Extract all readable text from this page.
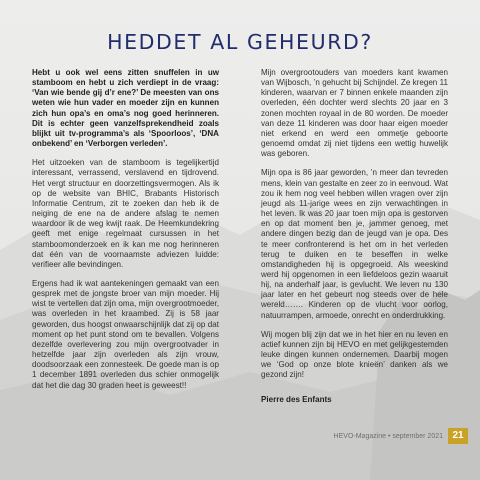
HEDDET AL GEHEURD?

Hebt u ook wel eens zitten snuffelen in uw stamboom en hebt u zich verdiept in de vraag: ‘Van wie bende gij d’r ene?’ De meesten van ons weten wie hun vader en moeder zijn en kunnen zich hun opa’s en oma’s nog goed herinneren. Dit is echter geen vanzelfsprekendheid zoals blijkt uit tv-programma’s als ‘Spoorloos’, ‘DNA onbekend’ en ‘Verborgen verleden’.

Het uitzoeken van de stamboom is tegelijkertijd interessant, verrassend, verslavend en tijdrovend. Het vergt structuur en doorzettingsvermogen. Als ik op de website van BHIC, Brabants Historisch Informatie Centrum, zit te zoeken dan heb ik de neiging de ene na de andere afslag te nemen waardoor ik de weg kwijt raak. De Heemkundekring geeft met enige regelmaat cursussen in het stamboomonderzoek en ik kan me nog herinneren dat één van de voornaamste adviezen luidde: verifieer alle bevindingen.

Ergens had ik wat aantekeningen gemaakt van een gesprek met de jongste broer van mijn moeder. Hij wist te vertellen dat zijn oma, mijn overgrootmoeder, was overleden in het kraambed. Zij is 58 jaar geworden, dus hoogst onwaarschijnlijk dat zij op dat moment op het punt stond om te bevallen. Volgens dezelfde overlevering zou mijn overgrootvader in hetzelfde jaar zijn overleden als zijn vrouw, doodsoorzaak een zonnesteek. De goede man is op 1 december 1891 overleden dus schier onmogelijk dat het die dag 30 graden heet is geweest!!

Mijn overgrootouders van moeders kant kwamen van Wijbosch, ’n gehucht bij Schijndel. Ze kregen 11 kinderen, waarvan er 7 binnen enkele maanden zijn overleden, één dochter werd slechts 20 jaar en 3 zonen mochten royaal in de 80 worden. De moeder van deze 11 kinderen was door haar eigen moeder niet erkend en werd een ommetje geboorte genoemd omdat zij niet tijdens een wettig huwelijk was geboren.

Mijn opa is 86 jaar geworden, ’n meer dan tevreden mens, klein van gestalte en zeer zo in eenvoud. Wat zou ik hem nog veel hebben willen vragen over zijn jeugd als 11-jarige wees en zijn verwachtingen in het leven. Ik was 20 jaar toen mijn opa is gestorven en op dat moment ben je, jammer genoeg, met andere dingen bezig dan de jeugd van je opa. Des te meer confronterend is het om in het verleden terug te duiken en te beseffen in welke omstandigheden hij is opgegroeid. Als weeskind werd hij opgenomen in een liefdeloos gezin waaruit hij, na anderhalf jaar, is gevlucht. We leven nu 130 jaar later en het gebeurt nog steeds over de hele wereld……. Kinderen op de vlucht voor oorlog, natuurrampen, armoede, onrecht en onderdrukking.

Wij mogen blij zijn dat we in het hier en nu leven en actief kunnen zijn bij HEVO en met gelijkgestemden leuke dingen kunnen ondernemen. Daarbij mogen we ‘God op onze blote knieën’ danken als we gezond zijn!

Pierre des Enfants

HEVO-Magazine • september 2021 21
